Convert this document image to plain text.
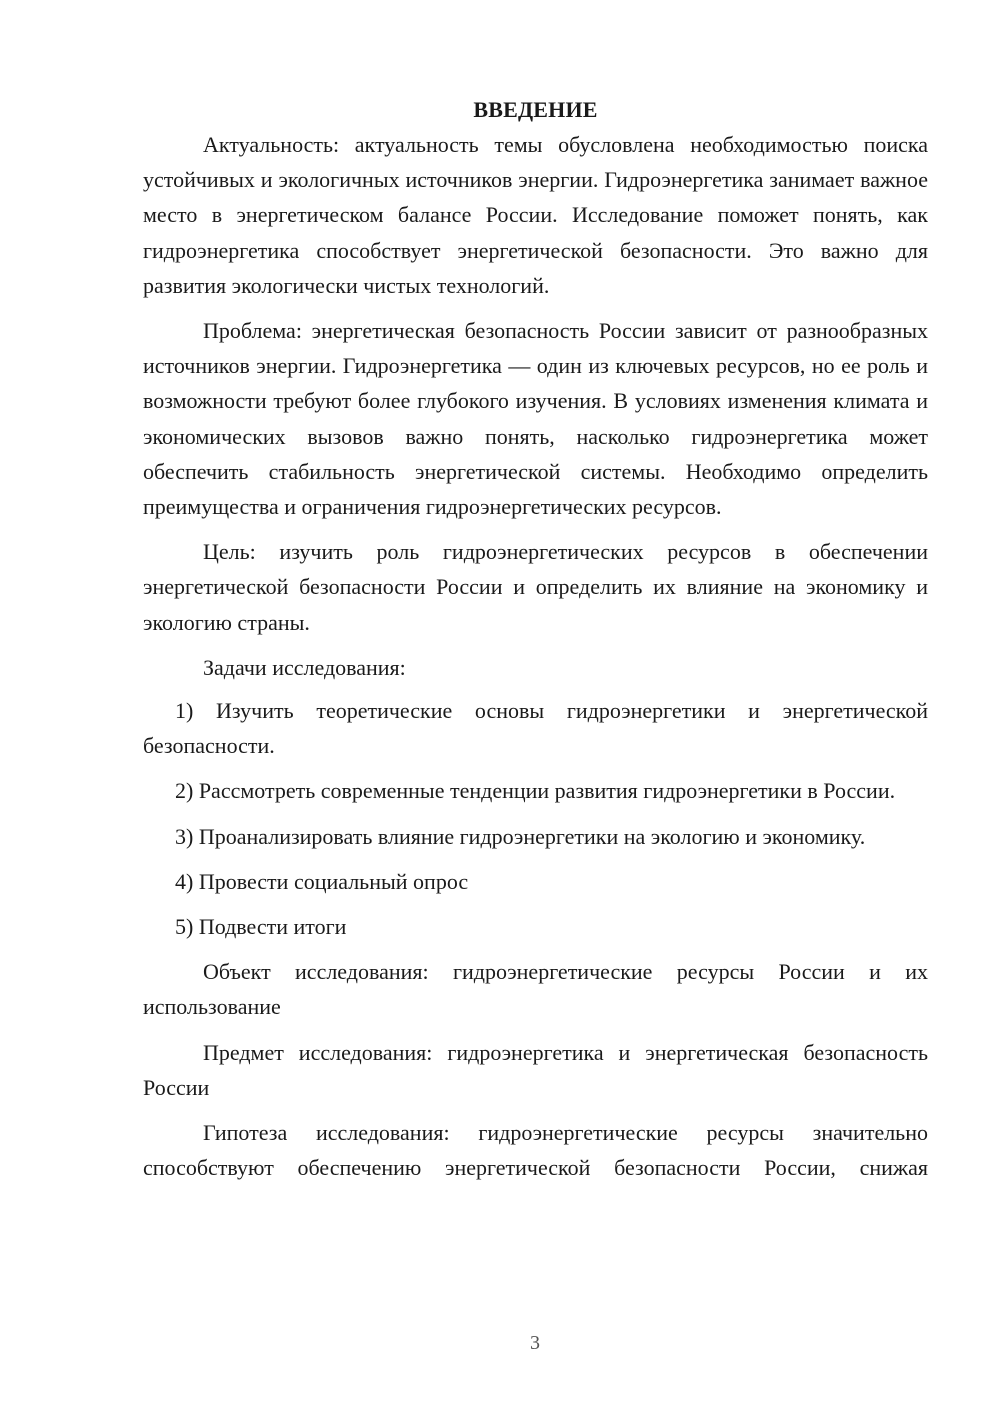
ВВЕДЕНИЕ

Актуальность: актуальность темы обусловлена необходимостью поиска устойчивых и экологичных источников энергии. Гидроэнергетика занимает важное место в энергетическом балансе России. Исследование поможет понять, как гидроэнергетика способствует энергетической безопасности. Это важно для развития экологически чистых технологий.

Проблема: энергетическая безопасность России зависит от разнообразных источников энергии. Гидроэнергетика — один из ключевых ресурсов, но ее роль и возможности требуют более глубокого изучения. В условиях изменения климата и экономических вызовов важно понять, насколько гидроэнергетика может обеспечить стабильность энергетической системы. Необходимо определить преимущества и ограничения гидроэнергетических ресурсов.

Цель: изучить роль гидроэнергетических ресурсов в обеспечении энергетической безопасности России и определить их влияние на экономику и экологию страны.

Задачи исследования:

1) Изучить теоретические основы гидроэнергетики и энергетической безопасности.

2) Рассмотреть современные тенденции развития гидроэнергетики в России.

3) Проанализировать влияние гидроэнергетики на экологию и экономику.

4) Провести социальный опрос

5) Подвести итоги

Объект исследования: гидроэнергетические ресурсы России и их использование

Предмет исследования: гидроэнергетика и энергетическая безопасность России

Гипотеза исследования: гидроэнергетические ресурсы значительно способствуют обеспечению энергетической безопасности России, снижая

3
